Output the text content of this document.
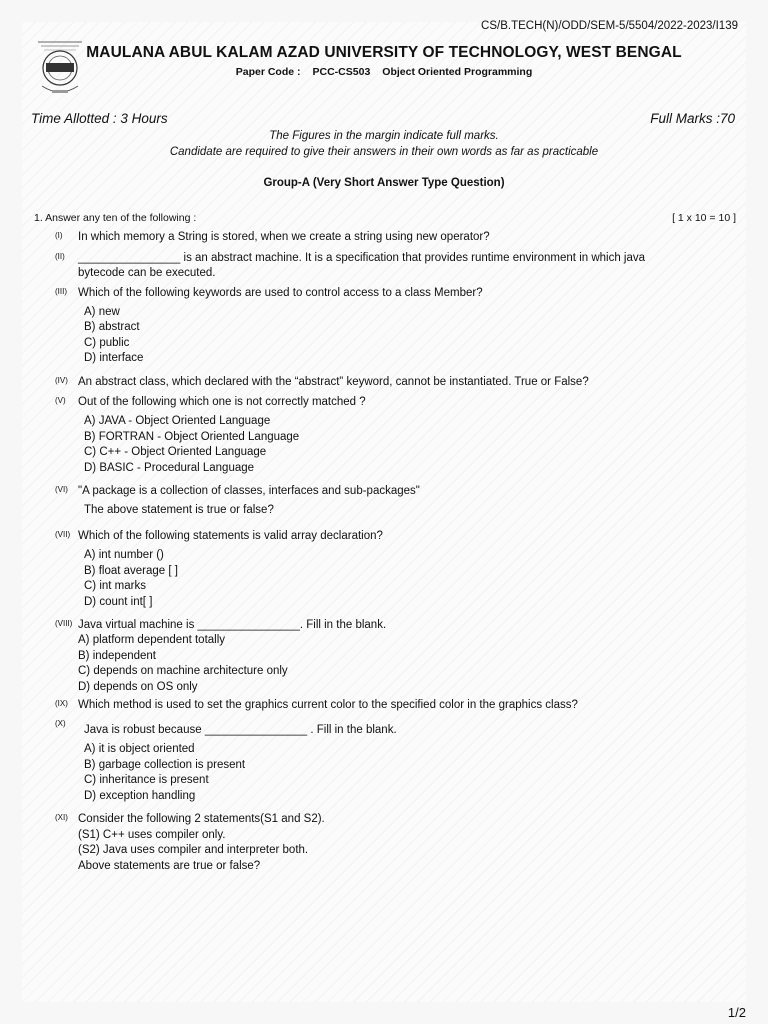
CS/B.TECH(N)/ODD/SEM-5/5504/2022-2023/I139
MAULANA ABUL KALAM AZAD UNIVERSITY OF TECHNOLOGY, WEST BENGAL
Paper Code : PCC-CS503 Object Oriented Programming
Time Allotted : 3 Hours	Full Marks :70
The Figures in the margin indicate full marks.
Candidate are required to give their answers in their own words as far as practicable
Group-A (Very Short Answer Type Question)
1. Answer any ten of the following :	[ 1 x 10 = 10 ]
(I) In which memory a String is stored, when we create a string using new operator?
(II) ________________ is an abstract machine. It is a specification that provides runtime environment in which java
bytecode can be executed.
(III) Which of the following keywords are used to control access to a class Member?
A) new
B) abstract
C) public
D) interface
(IV) An abstract class, which declared with the “abstract” keyword, cannot be instantiated. True or False?
(V) Out of the following which one is not correctly matched ?
A) JAVA - Object Oriented Language
B) FORTRAN - Object Oriented Language
C) C++ - Object Oriented Language
D) BASIC - Procedural Language
(VI) "A package is a collection of classes, interfaces and sub-packages"
The above statement is true or false?
(VII) Which of the following statements is valid array declaration?
A) int number ()
B) float average [ ]
C) int marks
D) count int[ ]
(VIII) Java virtual machine is ________________. Fill in the blank.
A) platform dependent totally
B) independent
C) depends on machine architecture only
D) depends on OS only
(IX) Which method is used to set the graphics current color to the specified color in the graphics class?
(X)
Java is robust because ________________ . Fill in the blank.
A) it is object oriented
B) garbage collection is present
C) inheritance is present
D) exception handling
(XI) Consider the following 2 statements(S1 and S2).
(S1) C++ uses compiler only.
(S2) Java uses compiler and interpreter both.
Above statements are true or false?
1/2
